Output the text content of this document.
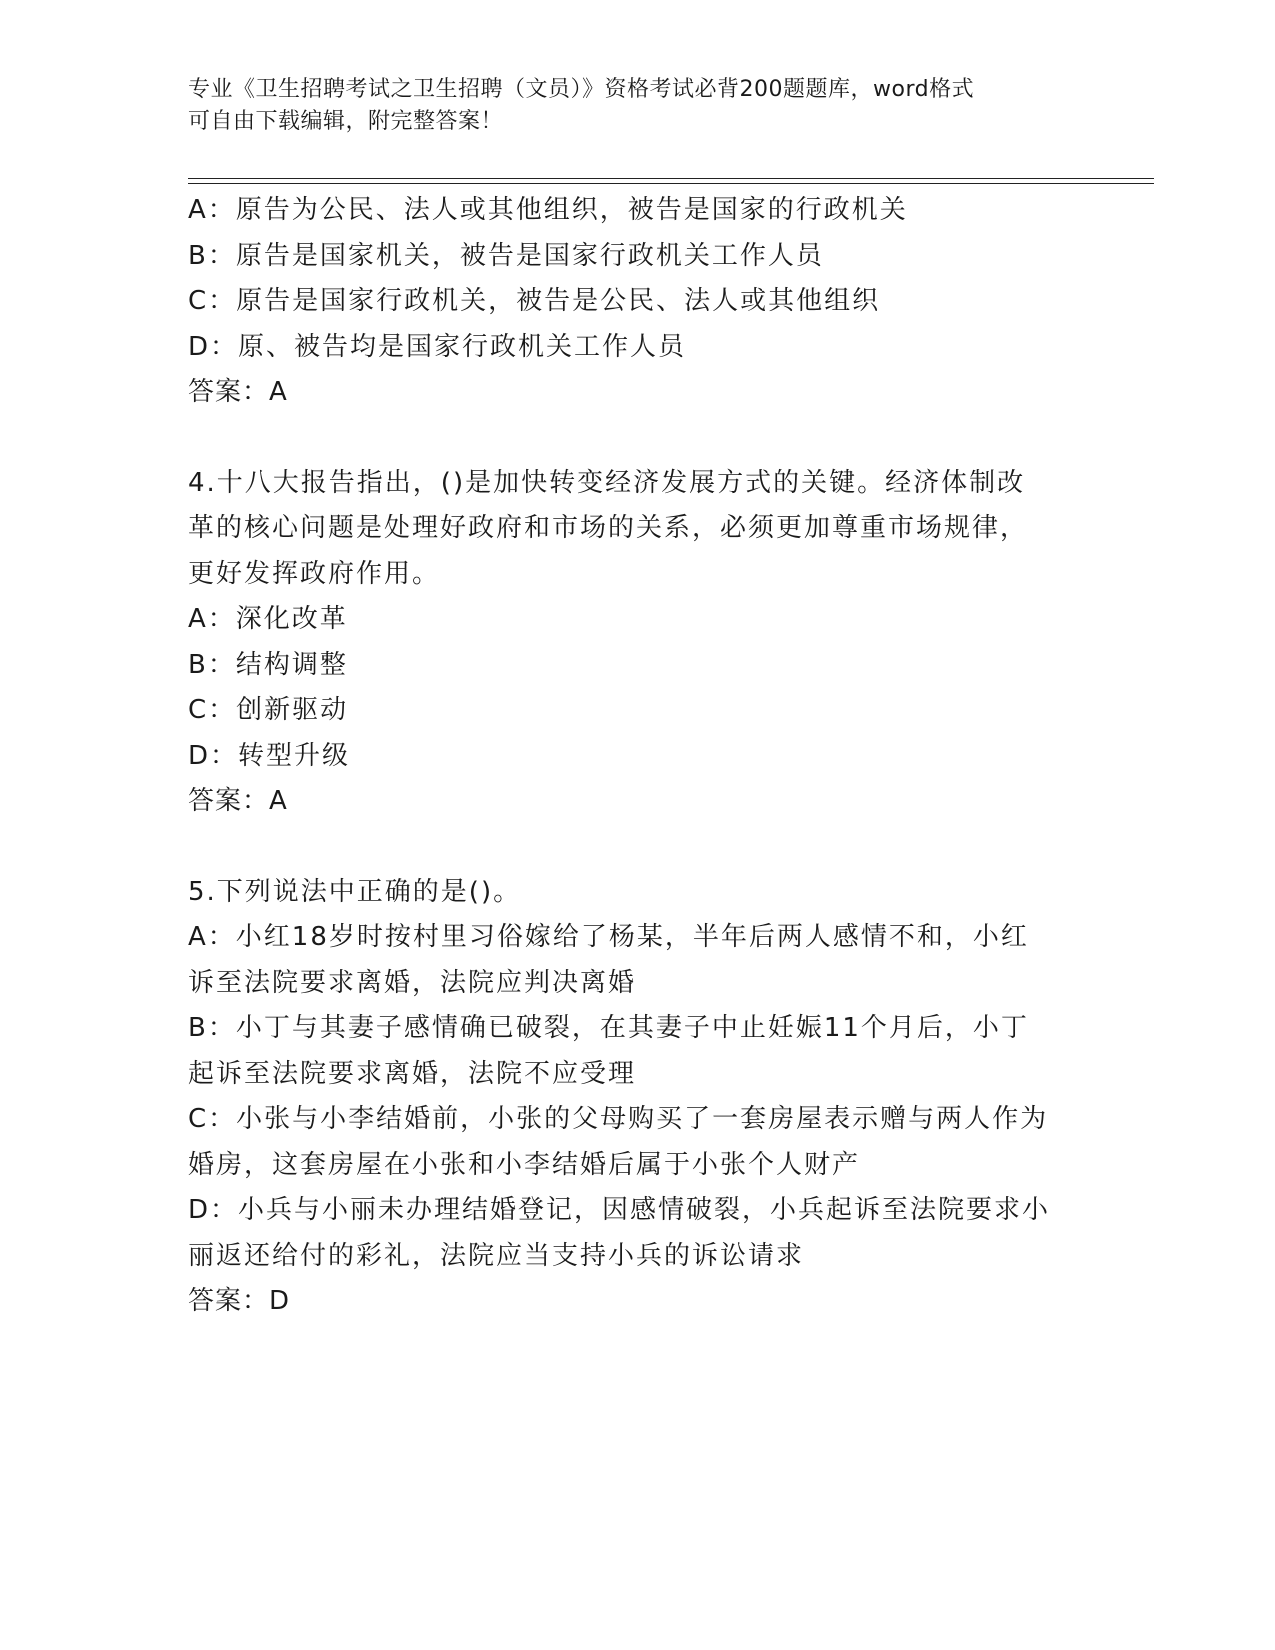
专业《卫生招聘考试之卫生招聘（文员）》资格考试必背200题题库，word格式
可自由下载编辑，附完整答案！
A：原告为公民、法人或其他组织，被告是国家的行政机关
B：原告是国家机关，被告是国家行政机关工作人员
C：原告是国家行政机关，被告是公民、法人或其他组织
D：原、被告均是国家行政机关工作人员
答案：A
4.十八大报告指出，()是加快转变经济发展方式的关键。经济体制改
革的核心问题是处理好政府和市场的关系，必须更加尊重市场规律，
更好发挥政府作用。
A：深化改革
B：结构调整
C：创新驱动
D：转型升级
答案：A
5.下列说法中正确的是()。
A：小红18岁时按村里习俗嫁给了杨某，半年后两人感情不和，小红
诉至法院要求离婚，法院应判决离婚
B：小丁与其妻子感情确已破裂，在其妻子中止妊娠11个月后，小丁
起诉至法院要求离婚，法院不应受理
C：小张与小李结婚前，小张的父母购买了一套房屋表示赠与两人作为
婚房，这套房屋在小张和小李结婚后属于小张个人财产
D：小兵与小丽未办理结婚登记，因感情破裂，小兵起诉至法院要求小
丽返还给付的彩礼，法院应当支持小兵的诉讼请求
答案：D
